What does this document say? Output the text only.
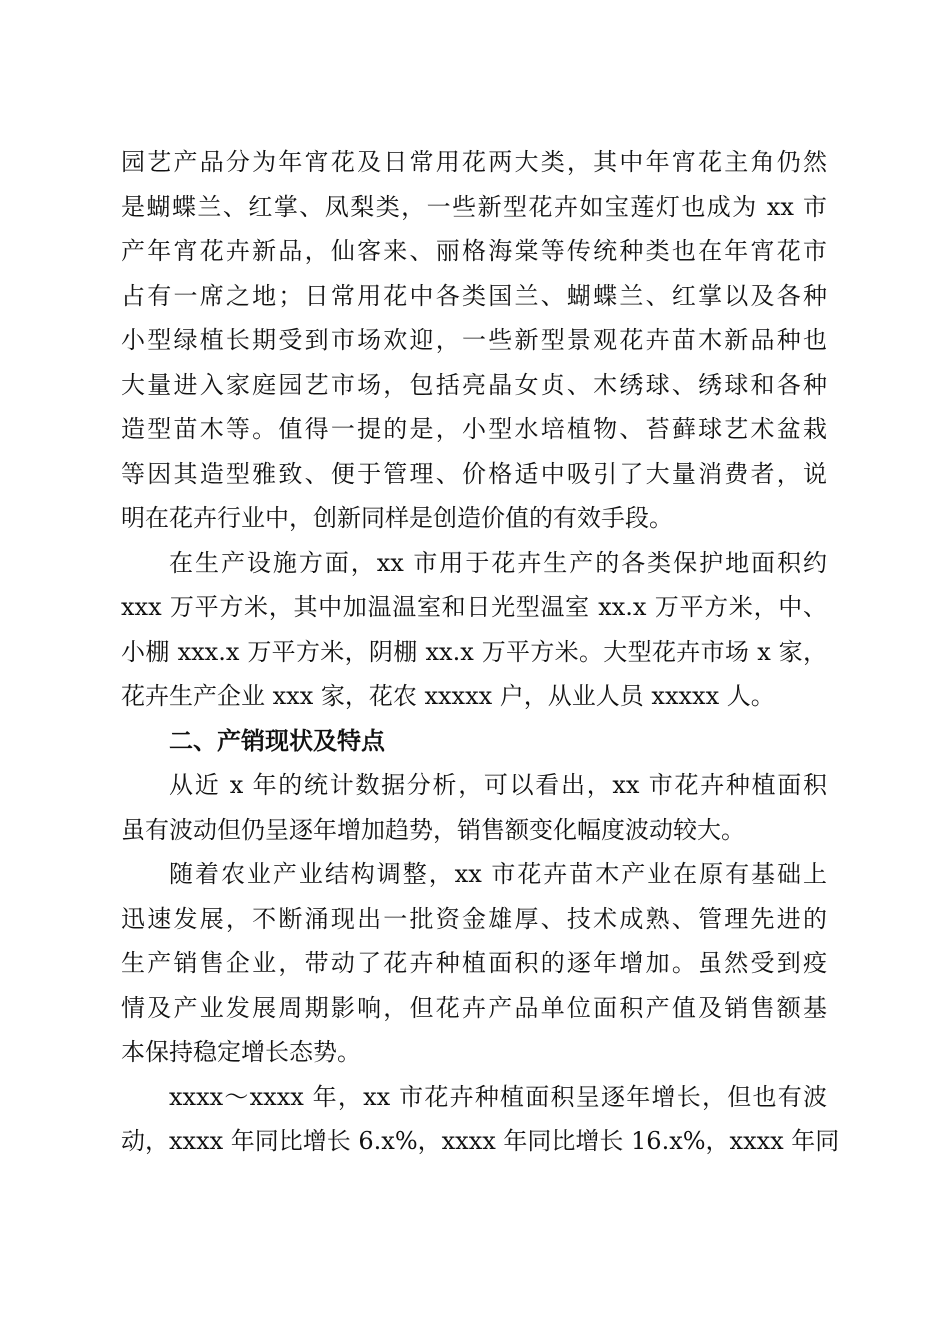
园艺产品分为年宵花及日常用花两大类，其中年宵花主角仍然
是蝴蝶兰、红掌、凤梨类，一些新型花卉如宝莲灯也成为 xx 市
产年宵花卉新品，仙客来、丽格海棠等传统种类也在年宵花市
占有一席之地；日常用花中各类国兰、蝴蝶兰、红掌以及各种
小型绿植长期受到市场欢迎，一些新型景观花卉苗木新品种也
大量进入家庭园艺市场，包括亮晶女贞、木绣球、绣球和各种
造型苗木等。值得一提的是，小型水培植物、苔藓球艺术盆栽
等因其造型雅致、便于管理、价格适中吸引了大量消费者，说
明在花卉行业中，创新同样是创造价值的有效手段。
在生产设施方面，xx 市用于花卉生产的各类保护地面积约
xxx 万平方米，其中加温温室和日光型温室 xx.x 万平方米，中、
小棚 xxx.x 万平方米，阴棚 xx.x 万平方米。大型花卉市场 x 家，
花卉生产企业 xxx 家，花农 xxxxx 户，从业人员 xxxxx 人。
二、产销现状及特点
从近 x 年的统计数据分析，可以看出，xx 市花卉种植面积
虽有波动但仍呈逐年增加趋势，销售额变化幅度波动较大。
随着农业产业结构调整，xx 市花卉苗木产业在原有基础上
迅速发展，不断涌现出一批资金雄厚、技术成熟、管理先进的
生产销售企业，带动了花卉种植面积的逐年增加。虽然受到疫
情及产业发展周期影响，但花卉产品单位面积产值及销售额基
本保持稳定增长态势。
xxxx～xxxx 年，xx 市花卉种植面积呈逐年增长，但也有波
动，xxxx 年同比增长 6.x%，xxxx 年同比增长 16.x%，xxxx 年同
